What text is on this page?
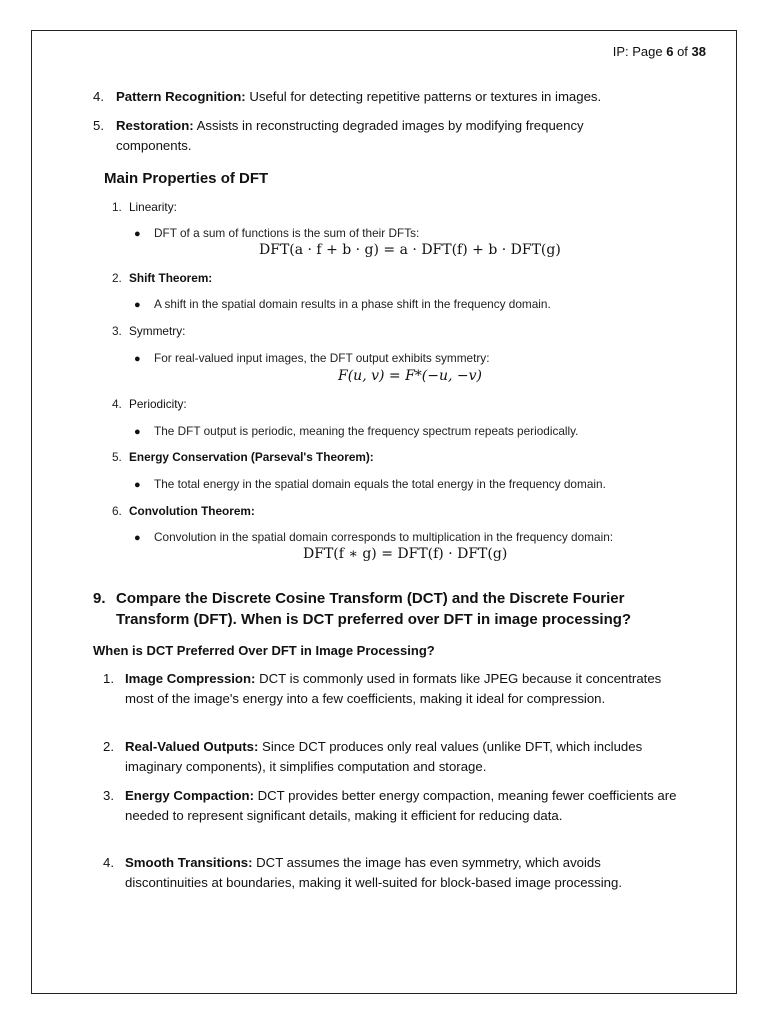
IP: Page 6 of 38
4. Pattern Recognition: Useful for detecting repetitive patterns or textures in images.
5. Restoration: Assists in reconstructing degraded images by modifying frequency components.
Main Properties of DFT
1. Linearity:
● DFT of a sum of functions is the sum of their DFTs:
DFT(a · f + b · g) = a · DFT(f) + b · DFT(g)
2. Shift Theorem:
● A shift in the spatial domain results in a phase shift in the frequency domain.
3. Symmetry:
● For real-valued input images, the DFT output exhibits symmetry:
F(u, v) = F*(−u, −v)
4. Periodicity:
● The DFT output is periodic, meaning the frequency spectrum repeats periodically.
5. Energy Conservation (Parseval's Theorem):
● The total energy in the spatial domain equals the total energy in the frequency domain.
6. Convolution Theorem:
● Convolution in the spatial domain corresponds to multiplication in the frequency domain:
DFT(f ∗ g) = DFT(f) · DFT(g)
9. Compare the Discrete Cosine Transform (DCT) and the Discrete Fourier Transform (DFT). When is DCT preferred over DFT in image processing?
When is DCT Preferred Over DFT in Image Processing?
1. Image Compression: DCT is commonly used in formats like JPEG because it concentrates most of the image's energy into a few coefficients, making it ideal for compression.
2. Real-Valued Outputs: Since DCT produces only real values (unlike DFT, which includes imaginary components), it simplifies computation and storage.
3. Energy Compaction: DCT provides better energy compaction, meaning fewer coefficients are needed to represent significant details, making it efficient for reducing data.
4. Smooth Transitions: DCT assumes the image has even symmetry, which avoids discontinuities at boundaries, making it well-suited for block-based image processing.
